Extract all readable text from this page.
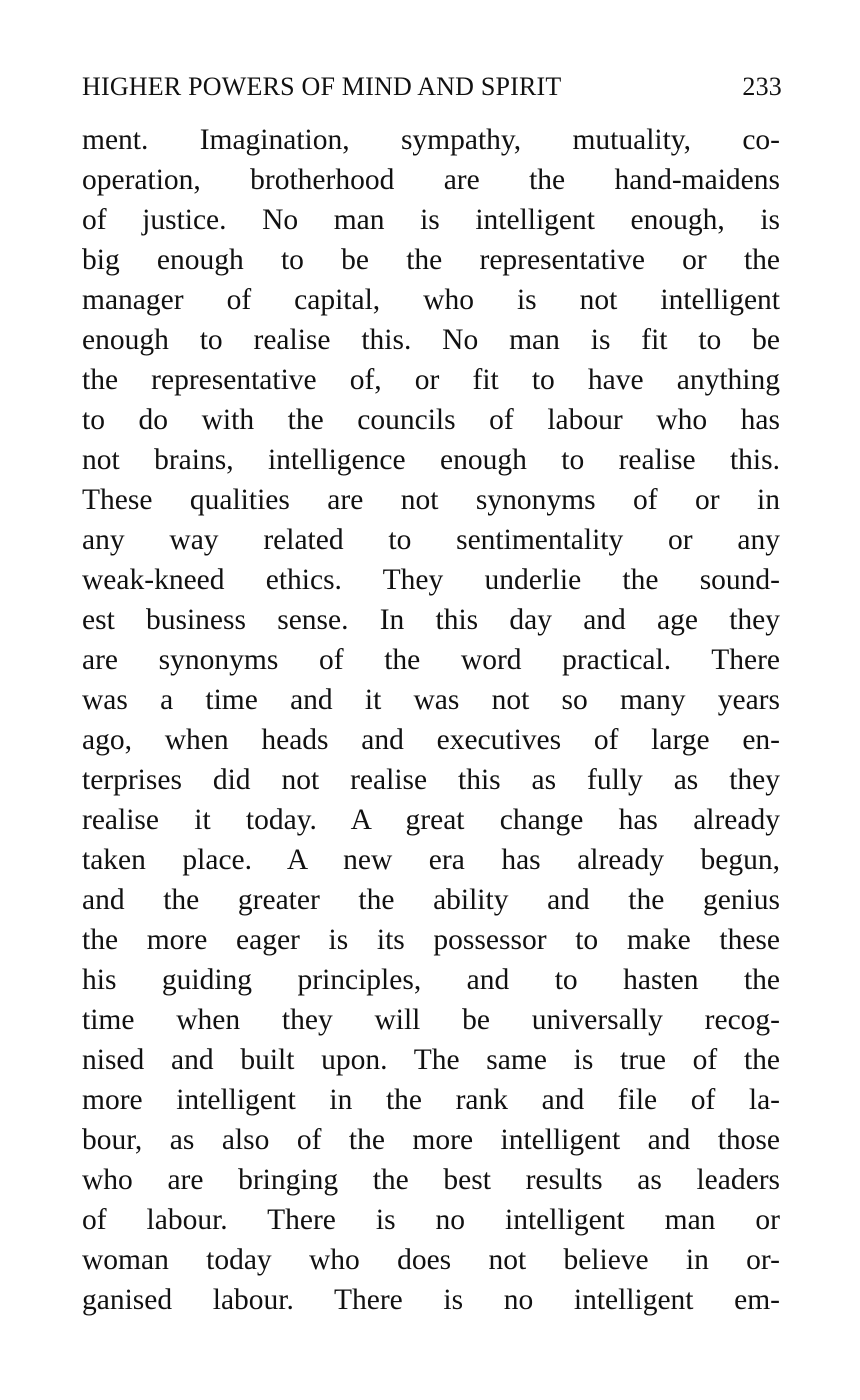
HIGHER POWERS OF MIND AND SPIRIT	233
ment. Imagination, sympathy, mutuality, co-
operation, brotherhood are the hand-maidens
of justice. No man is intelligent enough, is
big enough to be the representative or the
manager of capital, who is not intelligent
enough to realise this. No man is fit to be
the representative of, or fit to have anything
to do with the councils of labour who has
not brains, intelligence enough to realise this.
These qualities are not synonyms of or in
any way related to sentimentality or any
weak-kneed ethics. They underlie the sound-
est business sense. In this day and age they
are synonyms of the word practical. There
was a time and it was not so many years
ago, when heads and executives of large en-
terprises did not realise this as fully as they
realise it today. A great change has already
taken place. A new era has already begun,
and the greater the ability and the genius
the more eager is its possessor to make these
his guiding principles, and to hasten the
time when they will be universally recog-
nised and built upon. The same is true of the
more intelligent in the rank and file of la-
bour, as also of the more intelligent and those
who are bringing the best results as leaders
of labour. There is no intelligent man or
woman today who does not believe in or-
ganised labour. There is no intelligent em-
